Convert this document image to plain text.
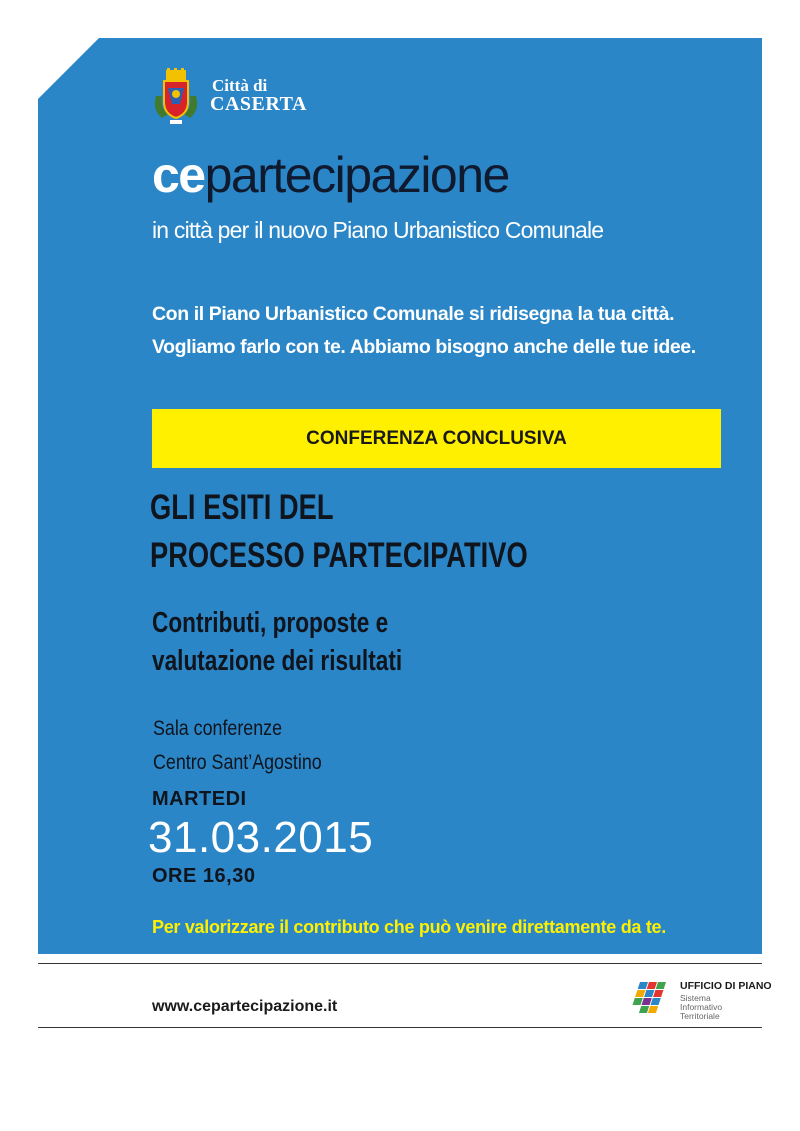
Città di
CASERTA
cepartecipazione
in città per il nuovo Piano Urbanistico Comunale
Con il Piano Urbanistico Comunale si ridisegna la tua città.
Vogliamo farlo con te. Abbiamo bisogno anche delle tue idee.
CONFERENZA CONCLUSIVA
GLI ESITI DEL
PROCESSO PARTECIPATIVO
Contributi, proposte e
valutazione dei risultati
Sala conferenze
Centro Sant’Agostino
MARTEDI
31.03.2015
ORE 16,30
Per valorizzare il contributo che può venire direttamente da te.
www.cepartecipazione.it
UFFICIO DI PIANO
Sistema
Informativo
Territoriale
